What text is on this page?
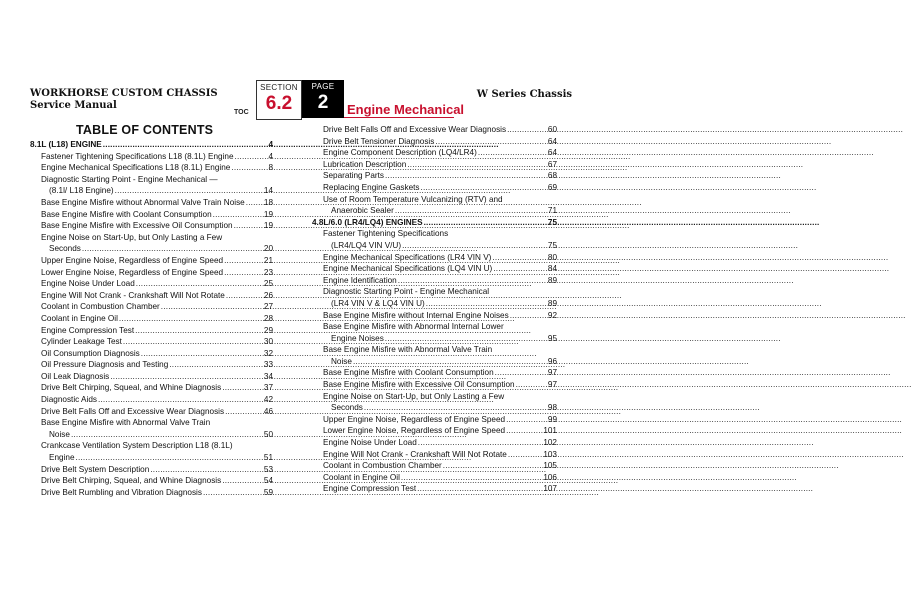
WORKHORSE CUSTOM CHASSIS
Service Manual
W Series Chassis
TOC
SECTION
6.2
PAGE
2	Engine Mechanical
TABLE OF CONTENTS
8.1L (L18) ENGINE .....	4
Fastener Tightening Specifications L18 (8.1L) Engine .....	4
Engine Mechanical Specifications L18 (8.1L) Engine .....	8
Diagnostic Starting Point - Engine Mechanical —
(8.1l/ L18 Engine) .....	14
Base Engine Misfire without Abnormal Valve Train Noise ..... 18
Base Engine Misfire with Coolant Consumption .....	19
Base Engine Misfire with Excessive Oil Consumption .....	19
Engine Noise on Start-Up, but Only Lasting a Few
Seconds .....	20
Upper Engine Noise, Regardless of Engine Speed .....	21
Lower Engine Noise, Regardless of Engine Speed .....	23
Engine Noise Under Load .....	25
Engine Will Not Crank - Crankshaft Will Not Rotate .....	26
Coolant in Combustion Chamber .....	27
Coolant in Engine Oil .....	28
Engine Compression Test .....	29
Cylinder Leakage Test .....	30
Oil Consumption Diagnosis .....	32
Oil Pressure Diagnosis and Testing .....	33
Oil Leak Diagnosis .....	34
Drive Belt Chirping, Squeal, and Whine Diagnosis .....	37
Diagnostic Aids .....	42
Drive Belt Falls Off and Excessive Wear Diagnosis .....	46
Base Engine Misfire with Abnormal Valve Train
Noise .....	50
Crankcase Ventilation System Description L18 (8.1L)
Engine .....	51
Drive Belt System Description .....	53
Drive Belt Chirping, Squeal, and Whine Diagnosis .....	54
Drive Belt Rumbling and Vibration Diagnosis .....	59
Drive Belt Falls Off and Excessive Wear Diagnosis .....	60
Drive Belt Tensioner Diagnosis .....	64
Engine Component Description (LQ4/LR4) .....	64
Lubrication Description .....	67
Separating Parts .....	68
Replacing Engine Gaskets .....	69
Use of Room Temperature Vulcanizing (RTV) and
Anaerobic Sealer .....	71
4.8L/6.0 (LR4/LQ4) ENGINES .....	75
Fastener Tightening Specifications
(LR4/LQ4 VIN V/U) .....	75
Engine Mechanical Specifications (LR4 VIN V) .....	80
Engine Mechanical Specifications (LQ4 VIN U) .....	84
Engine Identification .....	89
Diagnostic Starting Point - Engine Mechanical
(LR4 VIN V & LQ4 VIN U) .....	89
Base Engine Misfire without Internal Engine Noises .....	92
Base Engine Misfire with Abnormal Internal Lower
Engine Noises .....	95
Base Engine Misfire with Abnormal Valve Train
Noise .....	96
Base Engine Misfire with Coolant Consumption .....	97
Base Engine Misfire with Excessive Oil Consumption .....	97
Engine Noise on Start-Up, but Only Lasting a Few
Seconds .....	98
Upper Engine Noise, Regardless of Engine Speed .....	99
Lower Engine Noise, Regardless of Engine Speed .....	101
Engine Noise Under Load .....	102
Engine Will Not Crank - Crankshaft Will Not Rotate .....	103
Coolant in Combustion Chamber .....	105
Coolant in Engine Oil .....	106
Engine Compression Test .....	107
